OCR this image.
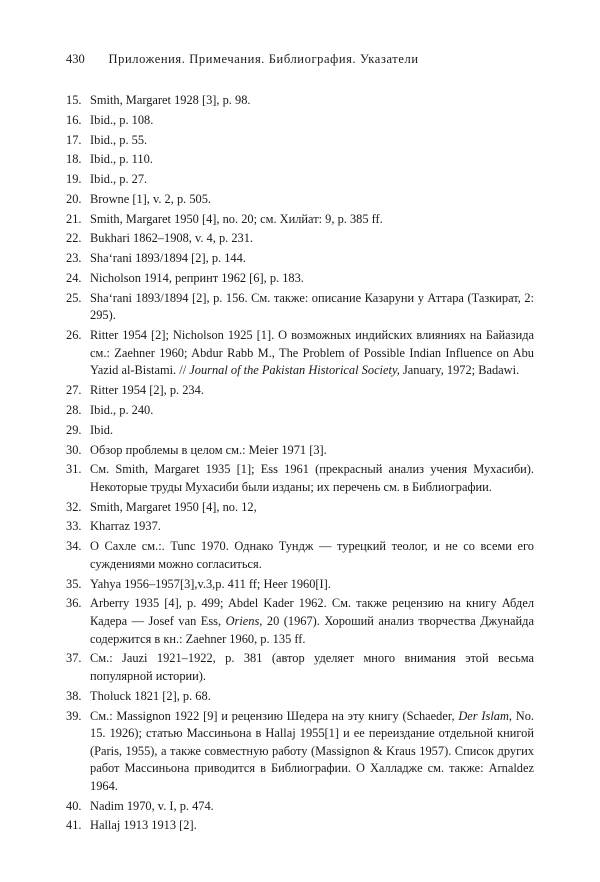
430 Приложения. Примечания. Библиография. Указатели
15. Smith, Margaret 1928 [3], p. 98.
16. Ibid., p. 108.
17. Ibid., p. 55.
18. Ibid., p. 110.
19. Ibid., p. 27.
20. Browne [1], v. 2, p. 505.
21. Smith, Margaret 1950 [4], no. 20; см. Хилйат: 9, p. 385 ff.
22. Bukhari 1862–1908, v. 4, p. 231.
23. Sha‘rani 1893/1894 [2], p. 144.
24. Nicholson 1914, репринт 1962 [6], p. 183.
25. Sha‘rani 1893/1894 [2], p. 156. См. также: описание Казаруни у Аттара (Тазкират, 2: 295).
26. Ritter 1954 [2]; Nicholson 1925 [1]. О возможных индийских влияниях на Байазида см.: Zaehner 1960; Abdur Rabb M., The Problem of Possible Indian Influence on Abu Yazid al-Bistami. // Journal of the Pakistan Historical Society, January, 1972; Badawi.
27. Ritter 1954 [2], p. 234.
28. Ibid., p. 240.
29. Ibid.
30. Обзор проблемы в целом см.: Meier 1971 [3].
31. См. Smith, Margaret 1935 [1]; Ess 1961 (прекрасный анализ учения Мухасиби). Некоторые труды Мухасиби были изданы; их перечень см. в Библиографии.
32. Smith, Margaret 1950 [4], no. 12,
33. Kharraz 1937.
34. О Сахле см.:. Tunc 1970. Однако Тундж — турецкий теолог, и не со всеми его суждениями можно согласиться.
35. Yahya 1956–1957[3],v.3,p. 411 ff; Heer 1960[I].
36. Arberry 1935 [4], p. 499; Abdel Kader 1962. См. также рецензию на книгу Абдел Кадера — Josef van Ess, Oriens, 20 (1967). Хороший анализ творчества Джунайда содержится в кн.: Zaehner 1960, p. 135 ff.
37. См.: Jauzi 1921–1922, p. 381 (автор уделяет много внимания этой весьма популярной истории).
38. Tholuck 1821 [2], p. 68.
39. См.: Massignon 1922 [9] и рецензию Шедера на эту книгу (Schaeder, Der Islam, No. 15. 1926); статью Массиньона в Hallaj 1955[1] и ее переиздание отдельной книгой (Paris, 1955), а также совместную работу (Massignon & Kraus 1957). Список других работ Массиньона приводится в Библиографии. О Халладже см. также: Arnaldez 1964.
40. Nadim 1970, v. I, p. 474.
41. Hallaj 1913 1913 [2].
